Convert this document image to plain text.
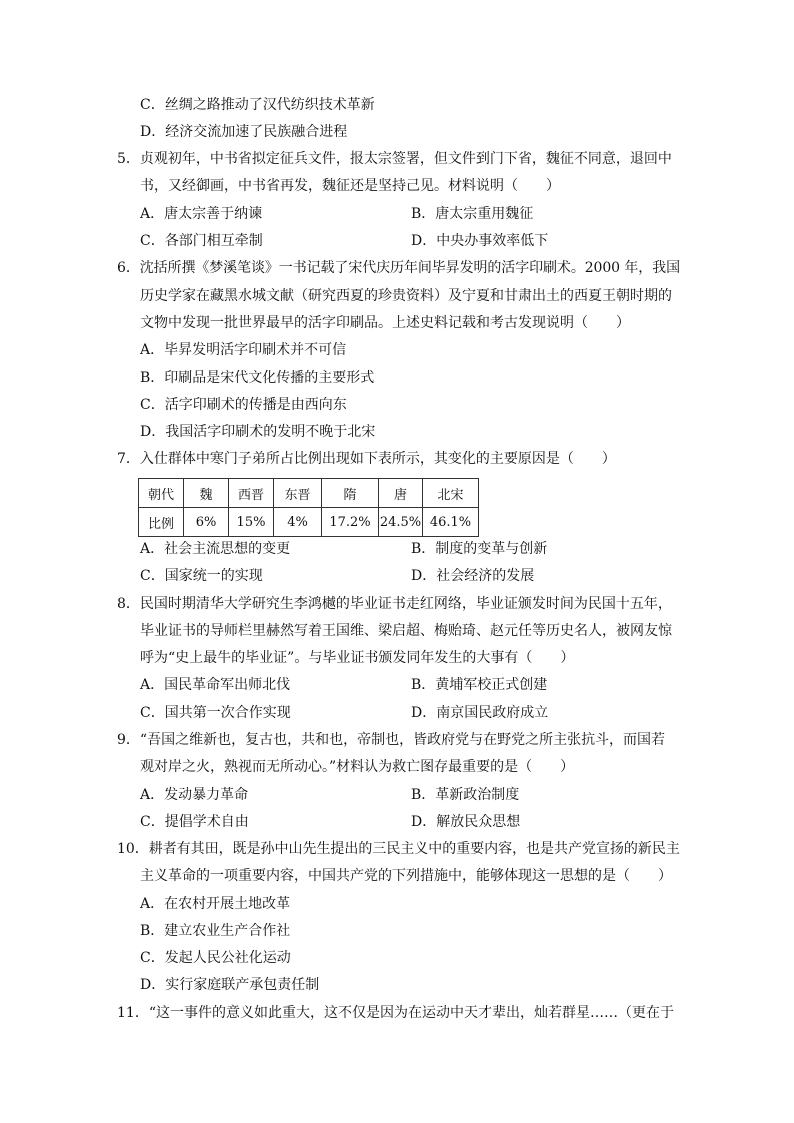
C．丝绸之路推动了汉代纺织技术革新
D．经济交流加速了民族融合进程
5．贞观初年，中书省拟定征兵文件，报太宗签署，但文件到门下省，魏征不同意，退回中
书，又经御画，中书省再发，魏征还是坚持己见。材料说明（　　）
A．唐太宗善于纳谏	B．唐太宗重用魏征
C．各部门相互牵制	D．中央办事效率低下
6．沈括所撰《梦溪笔谈》一书记载了宋代庆历年间毕昇发明的活字印刷术。2000 年，我国
历史学家在藏黑水城文献（研究西夏的珍贵资料）及宁夏和甘肃出土的西夏王朝时期的
文物中发现一批世界最早的活字印刷品。上述史料记载和考古发现说明（　　）
A．毕昇发明活字印刷术并不可信
B．印刷品是宋代文化传播的主要形式
C．活字印刷术的传播是由西向东
D．我国活字印刷术的发明不晚于北宋
7．入仕群体中寒门子弟所占比例出现如下表所示，其变化的主要原因是（　　）
朝代	魏	西晋	东晋	隋	唐	北宋
比例	6%	15%	4%	17.2%	24.5%	46.1%
A．社会主流思想的变更	B．制度的变革与创新
C．国家统一的实现	D．社会经济的发展
8．民国时期清华大学研究生李鸿樾的毕业证书走红网络，毕业证颁发时间为民国十五年，
毕业证书的导师栏里赫然写着王国维、梁启超、梅贻琦、赵元任等历史名人，被网友惊
呼为“史上最牛的毕业证”。与毕业证书颁发同年发生的大事有（　　）
A．国民革命军出师北伐	B．黄埔军校正式创建
C．国共第一次合作实现	D．南京国民政府成立
9．“吾国之维新也，复古也，共和也，帝制也，皆政府党与在野党之所主张抗斗，而国若
观对岸之火，熟视而无所动心。”材料认为救亡图存最重要的是（　　）
A．发动暴力革命	B．革新政治制度
C．提倡学术自由	D．解放民众思想
10．耕者有其田，既是孙中山先生提出的三民主义中的重要内容，也是共产党宣扬的新民主
主义革命的一项重要内容，中国共产党的下列措施中，能够体现这一思想的是（　　）
A．在农村开展土地改革
B．建立农业生产合作社
C．发起人民公社化运动
D．实行家庭联产承包责任制
11．“这一事件的意义如此重大，这不仅是因为在运动中天才辈出，灿若群星……（更在于
